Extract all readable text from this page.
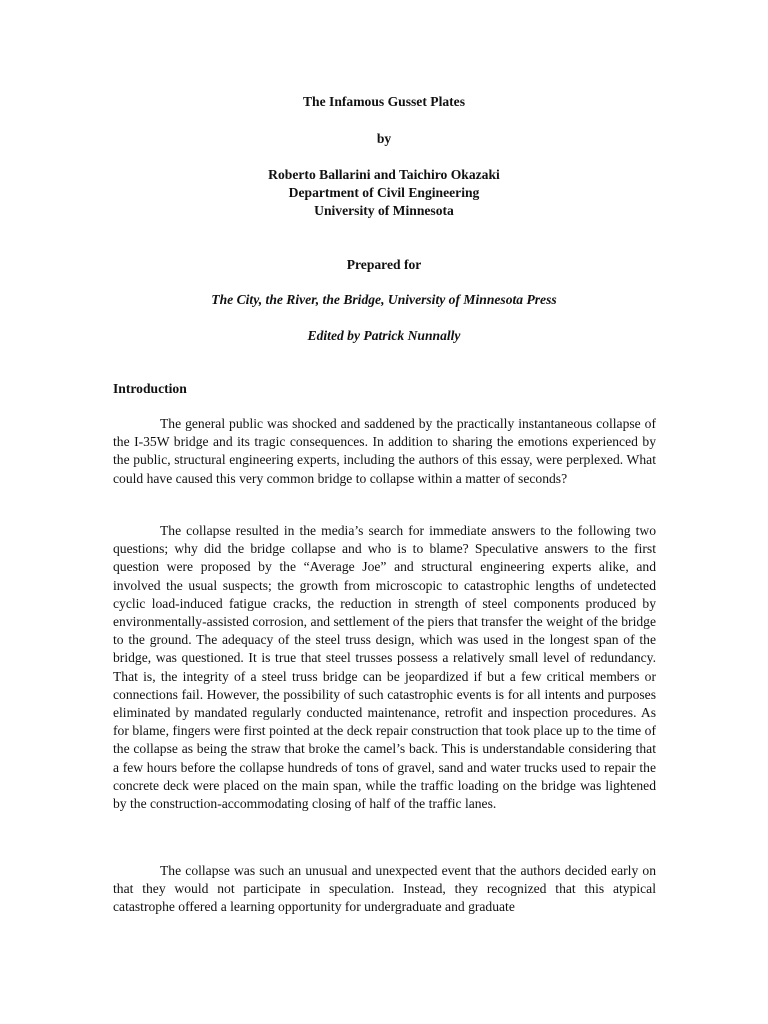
The Infamous Gusset Plates
by
Roberto Ballarini and Taichiro Okazaki
Department of Civil Engineering
University of Minnesota
Prepared for
The City, the River, the Bridge, University of Minnesota Press
Edited by Patrick Nunnally
Introduction

The general public was shocked and saddened by the practically instantaneous collapse of the I-35W bridge and its tragic consequences. In addition to sharing the emotions experienced by the public, structural engineering experts, including the authors of this essay, were perplexed. What could have caused this very common bridge to collapse within a matter of seconds?

The collapse resulted in the media’s search for immediate answers to the following two questions; why did the bridge collapse and who is to blame? Speculative answers to the first question were proposed by the “Average Joe” and structural engineering experts alike, and involved the usual suspects; the growth from microscopic to catastrophic lengths of undetected cyclic load-induced fatigue cracks, the reduction in strength of steel components produced by environmentally-assisted corrosion, and settlement of the piers that transfer the weight of the bridge to the ground. The adequacy of the steel truss design, which was used in the longest span of the bridge, was questioned. It is true that steel trusses possess a relatively small level of redundancy. That is, the integrity of a steel truss bridge can be jeopardized if but a few critical members or connections fail. However, the possibility of such catastrophic events is for all intents and purposes eliminated by mandated regularly conducted maintenance, retrofit and inspection procedures. As for blame, fingers were first pointed at the deck repair construction that took place up to the time of the collapse as being the straw that broke the camel’s back. This is understandable considering that a few hours before the collapse hundreds of tons of gravel, sand and water trucks used to repair the concrete deck were placed on the main span, while the traffic loading on the bridge was lightened by the construction-accommodating closing of half of the traffic lanes.

The collapse was such an unusual and unexpected event that the authors decided early on that they would not participate in speculation. Instead, they recognized that this atypical catastrophe offered a learning opportunity for undergraduate and graduate
